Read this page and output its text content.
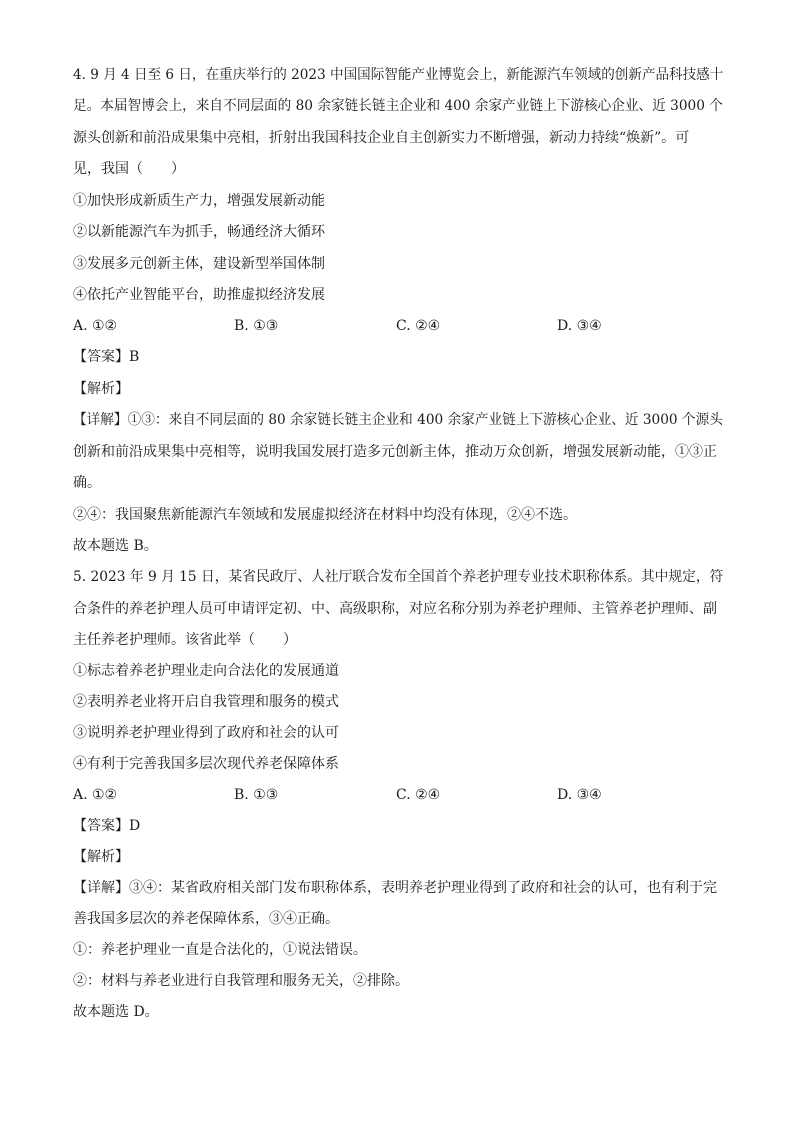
4. 9 月 4 日至 6 日，在重庆举行的 2023 中国国际智能产业博览会上，新能源汽车领域的创新产品科技感十
足。本届智博会上，来自不同层面的 80 余家链长链主企业和 400 余家产业链上下游核心企业、近 3000 个
源头创新和前沿成果集中亮相，折射出我国科技企业自主创新实力不断增强，新动力持续“焕新”。可
见，我国（　　）
①加快形成新质生产力，增强发展新动能
②以新能源汽车为抓手，畅通经济大循环
③发展多元创新主体，建设新型举国体制
④依托产业智能平台，助推虚拟经济发展
A. ①②	B. ①③	C. ②④	D. ③④
【答案】B
【解析】
【详解】①③：来自不同层面的 80 余家链长链主企业和 400 余家产业链上下游核心企业、近 3000 个源头
创新和前沿成果集中亮相等，说明我国发展打造多元创新主体，推动万众创新，增强发展新动能，①③正
确。
②④：我国聚焦新能源汽车领域和发展虚拟经济在材料中均没有体现，②④不选。
故本题选 B。
5. 2023 年 9 月 15 日，某省民政厅、人社厅联合发布全国首个养老护理专业技术职称体系。其中规定，符
合条件的养老护理人员可申请评定初、中、高级职称，对应名称分别为养老护理师、主管养老护理师、副
主任养老护理师。该省此举（　　）
①标志着养老护理业走向合法化的发展通道
②表明养老业将开启自我管理和服务的模式
③说明养老护理业得到了政府和社会的认可
④有利于完善我国多层次现代养老保障体系
A. ①②	B. ①③	C. ②④	D. ③④
【答案】D
【解析】
【详解】③④：某省政府相关部门发布职称体系，表明养老护理业得到了政府和社会的认可，也有利于完
善我国多层次的养老保障体系，③④正确。
①：养老护理业一直是合法化的，①说法错误。
②：材料与养老业进行自我管理和服务无关，②排除。
故本题选 D。
